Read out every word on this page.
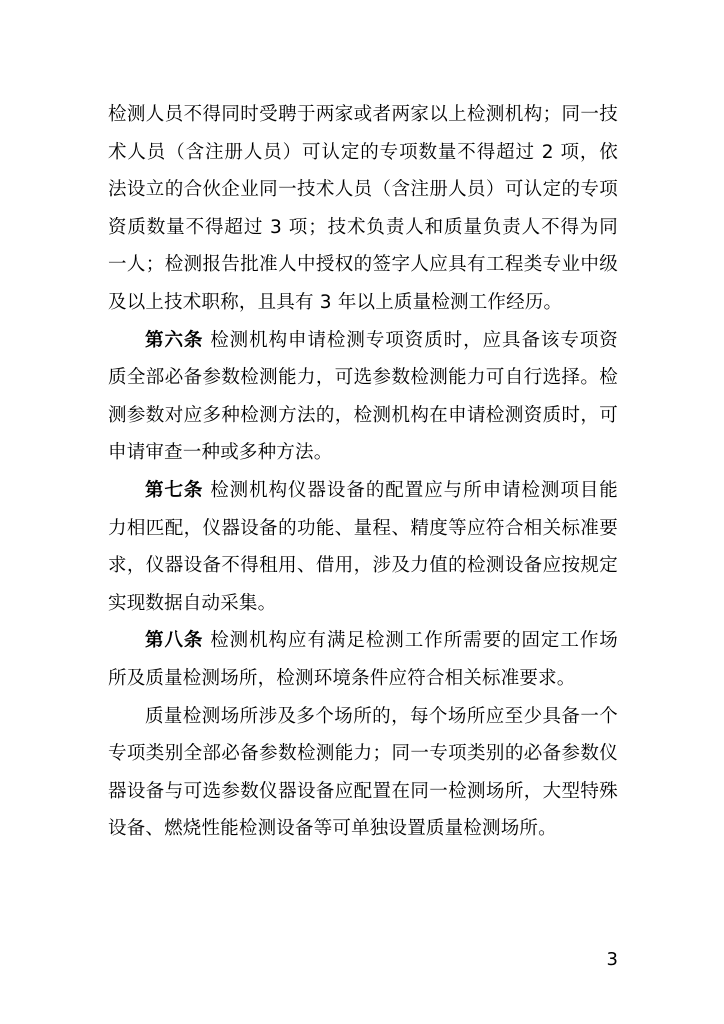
检测人员不得同时受聘于两家或者两家以上检测机构；同一技术人员（含注册人员）可认定的专项数量不得超过 2 项，依法设立的合伙企业同一技术人员（含注册人员）可认定的专项资质数量不得超过 3 项；技术负责人和质量负责人不得为同一人；检测报告批准人中授权的签字人应具有工程类专业中级及以上技术职称，且具有 3 年以上质量检测工作经历。

第六条 检测机构申请检测专项资质时，应具备该专项资质全部必备参数检测能力，可选参数检测能力可自行选择。检测参数对应多种检测方法的，检测机构在申请检测资质时，可申请审查一种或多种方法。

第七条 检测机构仪器设备的配置应与所申请检测项目能力相匹配，仪器设备的功能、量程、精度等应符合相关标准要求，仪器设备不得租用、借用，涉及力值的检测设备应按规定实现数据自动采集。

第八条 检测机构应有满足检测工作所需要的固定工作场所及质量检测场所，检测环境条件应符合相关标准要求。

质量检测场所涉及多个场所的，每个场所应至少具备一个专项类别全部必备参数检测能力；同一专项类别的必备参数仪器设备与可选参数仪器设备应配置在同一检测场所，大型特殊设备、燃烧性能检测设备等可单独设置质量检测场所。

3
